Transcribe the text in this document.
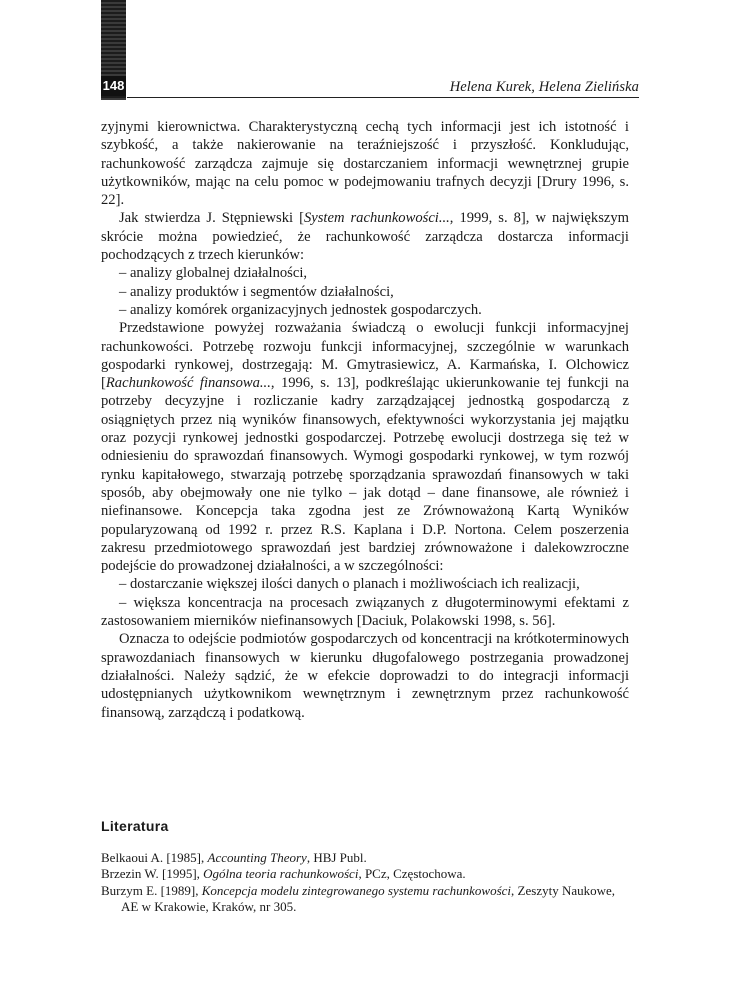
148	Helena Kurek, Helena Zielińska

zyjnymi kierownictwa. Charakterystyczną cechą tych informacji jest ich istotność i szybkość, a także nakierowanie na teraźniejszość i przyszłość. Konkludując, rachunkowość zarządcza zajmuje się dostarczaniem informacji wewnętrznej grupie użytkowników, mając na celu pomoc w podejmowaniu trafnych decyzji [Drury 1996, s. 22].

Jak stwierdza J. Stępniewski [System rachunkowości..., 1999, s. 8], w największym skrócie można powiedzieć, że rachunkowość zarządcza dostarcza informacji pochodzących z trzech kierunków:

– analizy globalnej działalności,

– analizy produktów i segmentów działalności,

– analizy komórek organizacyjnych jednostek gospodarczych.

Przedstawione powyżej rozważania świadczą o ewolucji funkcji informacyjnej rachunkowości. Potrzebę rozwoju funkcji informacyjnej, szczególnie w warunkach gospodarki rynkowej, dostrzegają: M. Gmytrasiewicz, A. Karmańska, I. Olchowicz [Rachunkowość finansowa..., 1996, s. 13], podkreślając ukierunkowanie tej funkcji na potrzeby decyzyjne i rozliczanie kadry zarządzającej jednostką gospodarczą z osiągniętych przez nią wyników finansowych, efektywności wykorzystania jej majątku oraz pozycji rynkowej jednostki gospodarczej. Potrzebę ewolucji dostrzega się też w odniesieniu do sprawozdań finansowych. Wymogi gospodarki rynkowej, w tym rozwój rynku kapitałowego, stwarzają potrzebę sporządzania sprawozdań finansowych w taki sposób, aby obejmowały one nie tylko – jak dotąd – dane finansowe, ale również i niefinansowe. Koncepcja taka zgodna jest ze Zrównoważoną Kartą Wyników popularyzowaną od 1992 r. przez R.S. Kaplana i D.P. Nortona. Celem poszerzenia zakresu przedmiotowego sprawozdań jest bardziej zrównoważone i dalekowzroczne podejście do prowadzonej działalności, a w szczególności:

– dostarczanie większej ilości danych o planach i możliwościach ich realizacji,

– większa koncentracja na procesach związanych z długoterminowymi efektami z zastosowaniem mierników niefinansowych [Daciuk, Polakowski 1998, s. 56].

Oznacza to odejście podmiotów gospodarczych od koncentracji na krótkoterminowych sprawozdaniach finansowych w kierunku długofalowego postrzegania prowadzonej działalności. Należy sądzić, że w efekcie doprowadzi to do integracji informacji udostępnianych użytkownikom wewnętrznym i zewnętrznym przez rachunkowość finansową, zarządczą i podatkową.

Literatura
Belkaoui A. [1985], Accounting Theory, HBJ Publ.
Brzezin W. [1995], Ogólna teoria rachunkowości, PCz, Częstochowa.
Burzym E. [1989], Koncepcja modelu zintegrowanego systemu rachunkowości, Zeszyty Naukowe, AE w Krakowie, Kraków, nr 305.
